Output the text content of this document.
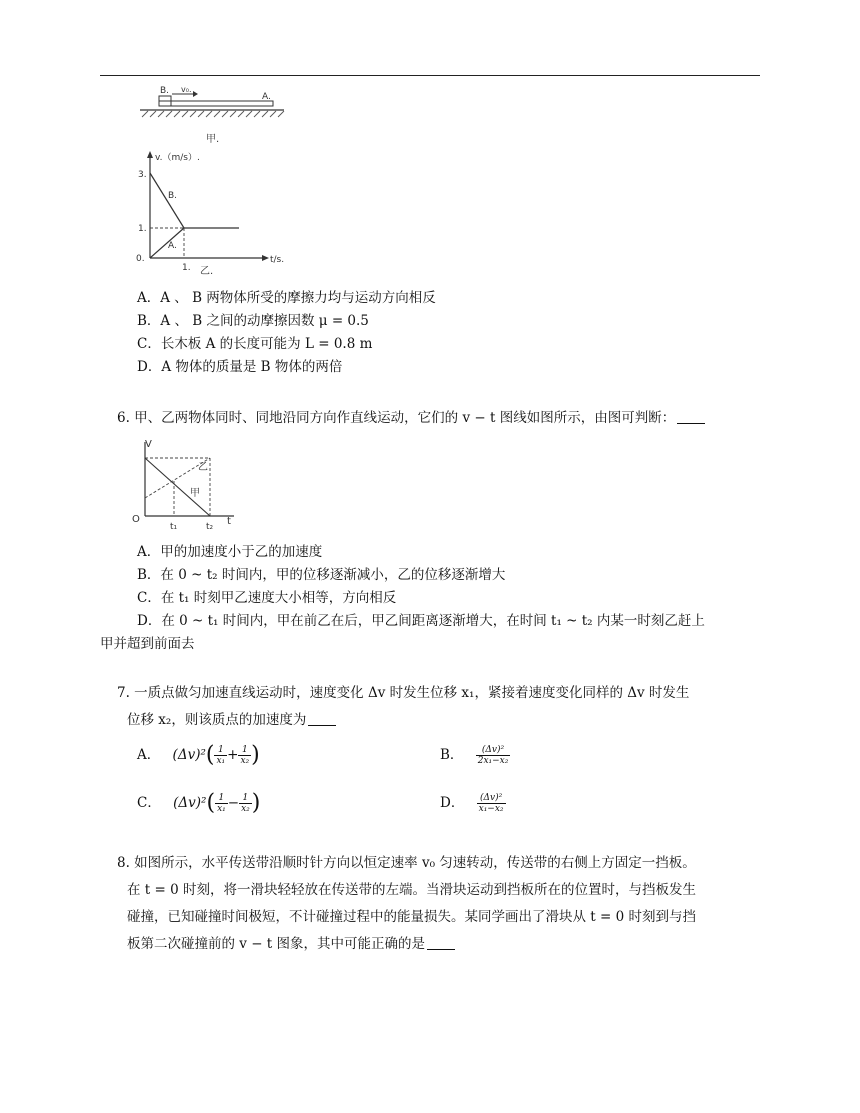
B. v₀.
A.
甲.
v.（m/s）.
3.
1.
0.
1.
t/s.
B.
A.
乙.
A．A 、 B 两物体所受的摩擦力均与运动方向相反
B．A 、 B 之间的动摩擦因数 μ = 0.5
C．长木板 A 的长度可能为 L = 0.8 m
D．A 物体的质量是 B 物体的两倍
6. 甲、乙两物体同时、同地沿同方向作直线运动，它们的 v − t 图线如图所示，由图可判断：
V
O
t₁	t₂ t
乙
甲
A．甲的加速度小于乙的加速度
B．在 0 ~ t₂ 时间内，甲的位移逐渐减小，乙的位移逐渐增大
C．在 t₁ 时刻甲乙速度大小相等，方向相反
D．在 0 ~ t₁ 时间内，甲在前乙在后，甲乙间距离逐渐增大，在时间 t₁ ~ t₂ 内某一时刻乙赶上
甲并超到前面去
7. 一质点做匀加速直线运动时，速度变化 Δv 时发生位移 x₁，紧接着速度变化同样的 Δv 时发生
位移 x₂，则该质点的加速度为
A． $(\Delta v)^2( \frac{1}{\text{x₁}} + \frac{1}{\text{x₂}}$ )	B． $\frac{\text{(Δv)²}}{\text{2x₁−x₂}}$
C． $(\Delta v)^2( \frac{1}{\text{x₁}} - \frac{1}{\text{x₂}}$ )	D． $\frac{\text{(Δv)²}}{\text{x₁−x₂}}$
8. 如图所示，水平传送带沿顺时针方向以恒定速率 v₀ 匀速转动，传送带的右侧上方固定一挡板。
在 t = 0 时刻，将一滑块轻轻放在传送带的左端。当滑块运动到挡板所在的位置时，与挡板发生
碰撞，已知碰撞时间极短，不计碰撞过程中的能量损失。某同学画出了滑块从 t = 0 时刻到与挡
板第二次碰撞前的 v − t 图象，其中可能正确的是
